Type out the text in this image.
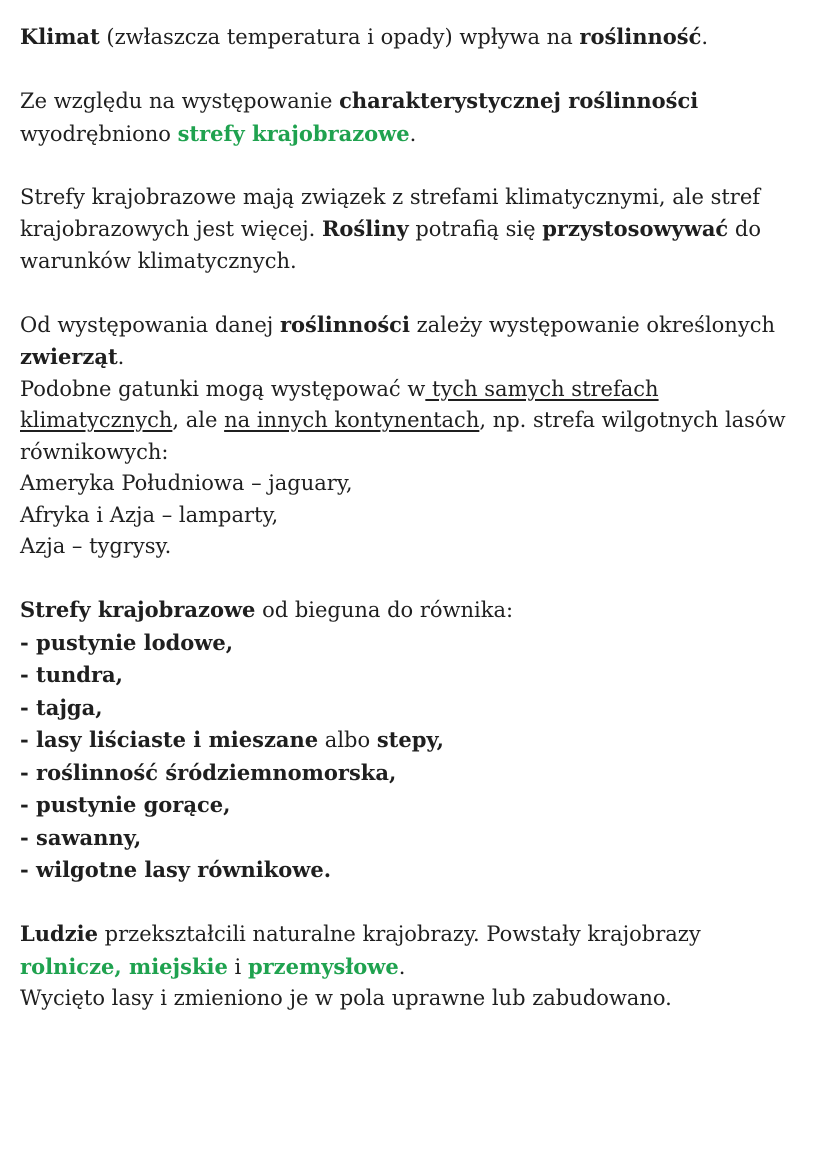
Klimat (zwłaszcza temperatura i opady) wpływa na roślinność.

Ze względu na występowanie charakterystycznej roślinności
wyodrębniono strefy krajobrazowe.

Strefy krajobrazowe mają związek z strefami klimatycznymi, ale stref krajobrazowych jest więcej. Rośliny potrafią się przystosowywać do warunków klimatycznych.

Od występowania danej roślinności zależy występowanie określonych zwierząt.
Podobne gatunki mogą występować w tych samych strefach klimatycznych, ale na innych kontynentach, np. strefa wilgotnych lasów równikowych:
Ameryka Południowa – jaguary,
Afryka i Azja – lamparty,
Azja – tygrysy.

Strefy krajobrazowe od bieguna do równika:
- pustynie lodowe,
- tundra,
- tajga,
- lasy liściaste i mieszane albo stepy,
- roślinność śródziemnomorska,
- pustynie gorące,
- sawanny,
- wilgotne lasy równikowe.

Ludzie przekształcili naturalne krajobrazy. Powstały krajobrazy
rolnicze, miejskie i przemysłowe.
Wycięto lasy i zmieniono je w pola uprawne lub zabudowano.
